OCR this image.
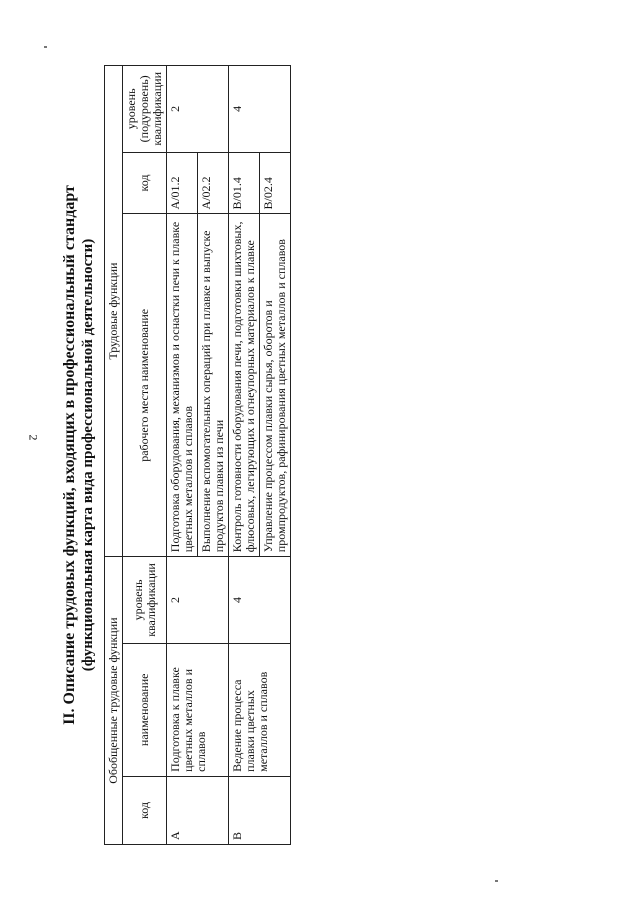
2 II. Описание трудовых функций, входящих в профессиональный стандарт (функциональная карта вида профессиональной деятельности)
Обобщенные трудовые функции			Трудовые функции		
код	наименование	уровень квалификации	рабочего места наименование	код	уровень (подуровень) квалификации
A	Подготовка к плавке цветных металлов и сплавов	2	Подготовка оборудования, механизмов и оснастки печи к плавке цветных металлов и сплавов	A/01.2	2
			Выполнение вспомогательных операций при плавке и выпуске продуктов плавки из печи	A/02.2	
B	Ведение процесса плавки цветных металлов и сплавов	4	Контроль готовности оборудования печи, подготовки шихтовых, флюсовых, легирующих и огнеупорных материалов к плавке	B/01.4	4
			Управление процессом плавки сырья, оборотов и промпродуктов, рафинирования цветных металлов и сплавов	B/02.4	
